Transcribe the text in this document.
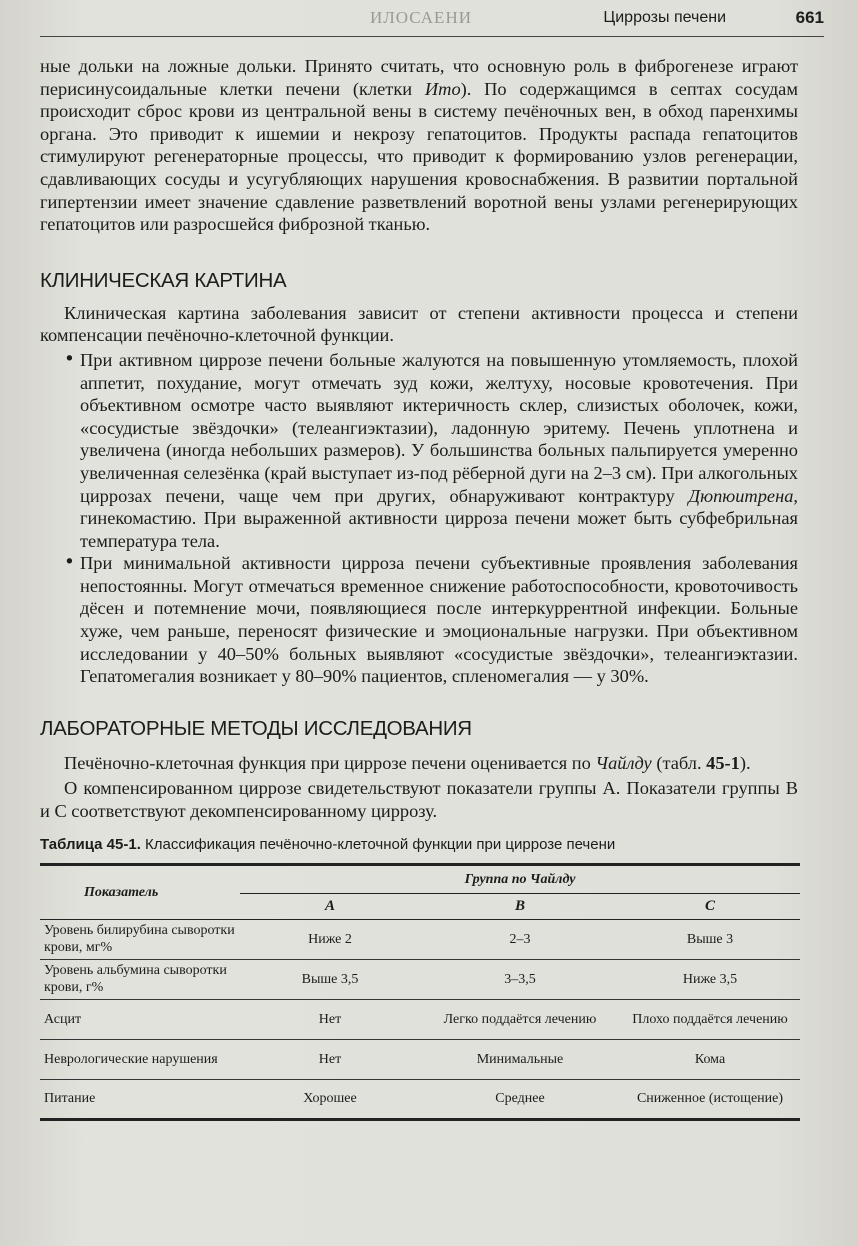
ИЛОСАЕНИ	Циррозы печени	661

ные дольки на ложные дольки. Принято считать, что основную роль в фиброгенезе играют перисинусоидальные клетки печени (клетки Ито). По содержащимся в септах сосудам происходит сброс крови из центральной вены в систему печёночных вен, в обход паренхимы органа. Это приводит к ишемии и некрозу гепатоцитов. Продукты распада гепатоцитов стимулируют регенераторные процессы, что приводит к формированию узлов регенерации, сдавливающих сосуды и усугубляющих нарушения кровоснабжения. В развитии портальной гипертензии имеет значение сдавление разветвлений воротной вены узлами регенерирующих гепатоцитов или разросшейся фиброзной тканью.

КЛИНИЧЕСКАЯ КАРТИНА

Клиническая картина заболевания зависит от степени активности процесса и степени компенсации печёночно-клеточной функции.

• При активном циррозе печени больные жалуются на повышенную утомляемость, плохой аппетит, похудание, могут отмечать зуд кожи, желтуху, носовые кровотечения. При объективном осмотре часто выявляют иктеричность склер, слизистых оболочек, кожи, «сосудистые звёздочки» (телеангиэктазии), ладонную эритему. Печень уплотнена и увеличена (иногда небольших размеров). У большинства больных пальпируется умеренно увеличенная селезёнка (край выступает из-под рёберной дуги на 2–3 см). При алкогольных циррозах печени, чаще чем при других, обнаруживают контрактуру Дюпюитрена, гинекомастию. При выраженной активности цирроза печени может быть субфебрильная температура тела.
• При минимальной активности цирроза печени субъективные проявления заболевания непостоянны. Могут отмечаться временное снижение работоспособности, кровоточивость дёсен и потемнение мочи, появляющиеся после интеркуррентной инфекции. Больные хуже, чем раньше, переносят физические и эмоциональные нагрузки. При объективном исследовании у 40–50% больных выявляют «сосудистые звёздочки», телеангиэктазии. Гепатомегалия возникает у 80–90% пациентов, спленомегалия — у 30%.
ЛАБОРАТОРНЫЕ МЕТОДЫ ИССЛЕДОВАНИЯ

Печёночно-клеточная функция при циррозе печени оценивается по Чайлду (табл. 45-1).

О компенсированном циррозе свидетельствуют показатели группы А. Показатели группы В и С соответствуют декомпенсированному циррозу.

Таблица 45-1. Классификация печёночно-клеточной функции при циррозе печени
Показатель	Группа по Чайлду		
	A	B	C
Уровень билирубина сыворотки крови, мг%	Ниже 2	2–3	Выше 3
Уровень альбумина сыворотки крови, г%	Выше 3,5	3–3,5	Ниже 3,5
Асцит	Нет	Легко поддаётся лечению	Плохо поддаётся лечению
Неврологические нарушения	Нет	Минимальные	Кома
Питание	Хорошее	Среднее	Сниженное (истощение)
